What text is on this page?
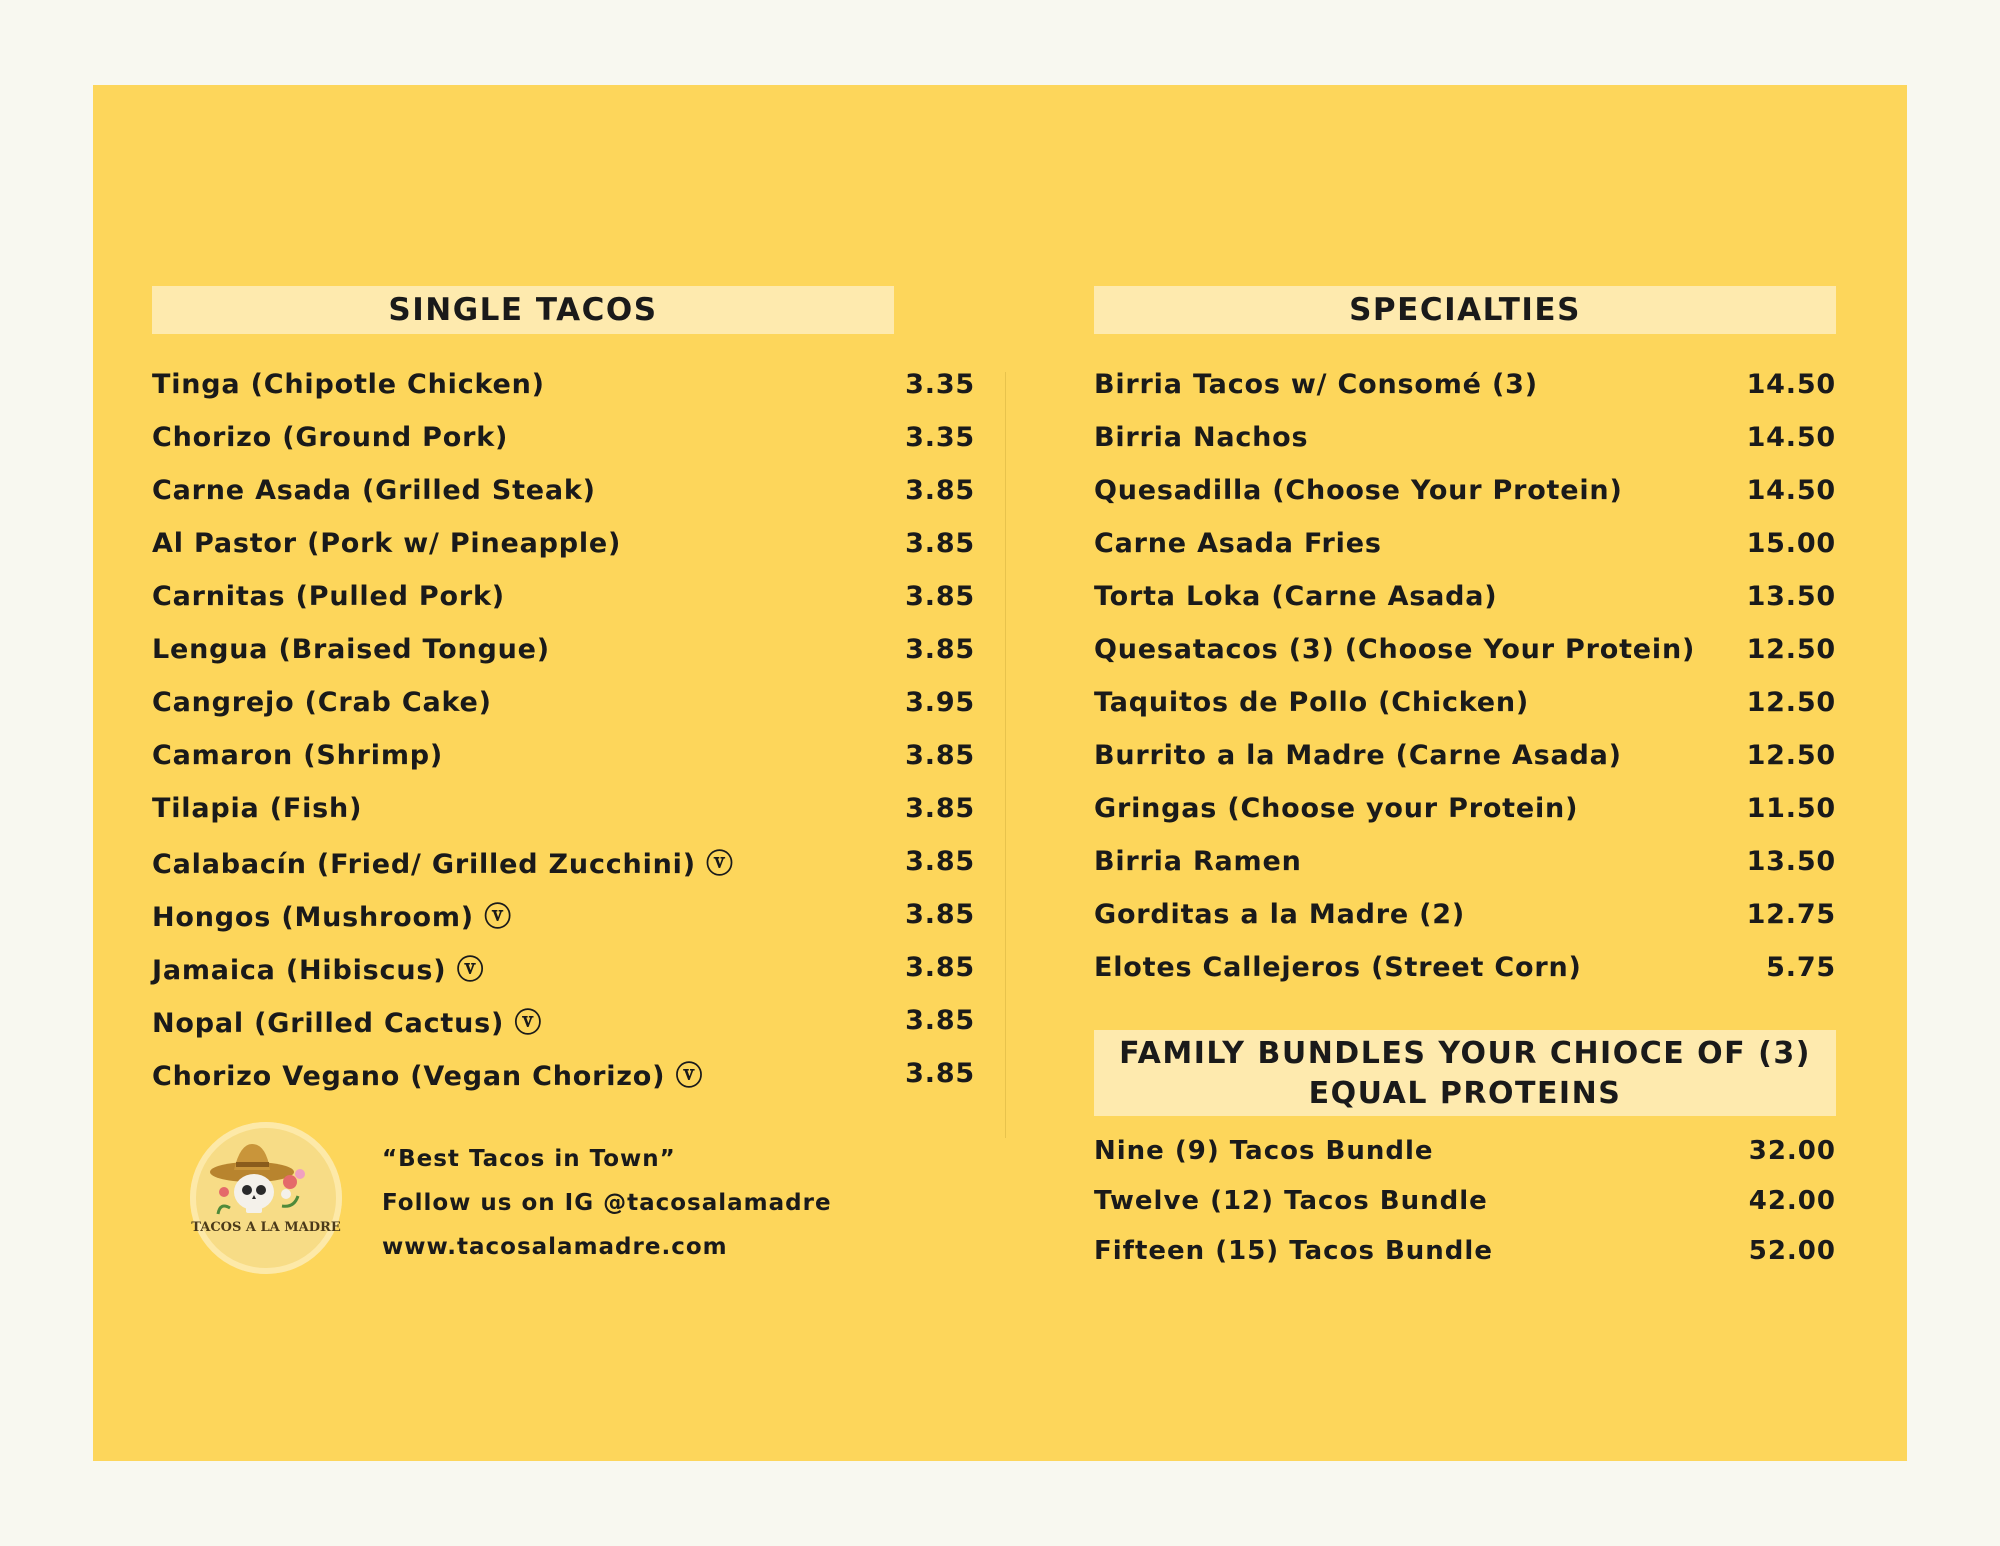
SINGLE TACOS
Tinga (Chipotle Chicken)	3.35
Chorizo (Ground Pork)	3.35
Carne Asada (Grilled Steak)	3.85
Al Pastor (Pork w/ Pineapple)	3.85
Carnitas (Pulled Pork)	3.85
Lengua (Braised Tongue)	3.85
Cangrejo (Crab Cake)	3.95
Camaron (Shrimp)	3.85
Tilapia (Fish)	3.85
Calabacín (Fried/ Grilled Zucchini) ⓥ	3.85
Hongos (Mushroom) ⓥ	3.85
Jamaica (Hibiscus) ⓥ	3.85
Nopal (Grilled Cactus) ⓥ	3.85
Chorizo Vegano (Vegan Chorizo) ⓥ	3.85
SPECIALTIES
Birria Tacos w/ Consomé (3)	14.50
Birria Nachos	14.50
Quesadilla (Choose Your Protein)	14.50
Carne Asada Fries	15.00
Torta Loka (Carne Asada)	13.50
Quesatacos (3) (Choose Your Protein) 12.50
Taquitos de Pollo (Chicken)	12.50
Burrito a la Madre (Carne Asada)	12.50
Gringas (Choose your Protein)	11.50
Birria Ramen	13.50
Gorditas a la Madre (2)	12.75
Elotes Callejeros (Street Corn)	5.75
FAMILY BUNDLES YOUR CHIOCE OF (3)
EQUAL PROTEINS
Nine (9) Tacos Bundle	32.00
Twelve (12) Tacos Bundle	42.00
Fifteen (15) Tacos Bundle	52.00
TACOS A LA MADRE
“Best Tacos in Town”
Follow us on IG @tacosalamadre
www.tacosalamadre.com
